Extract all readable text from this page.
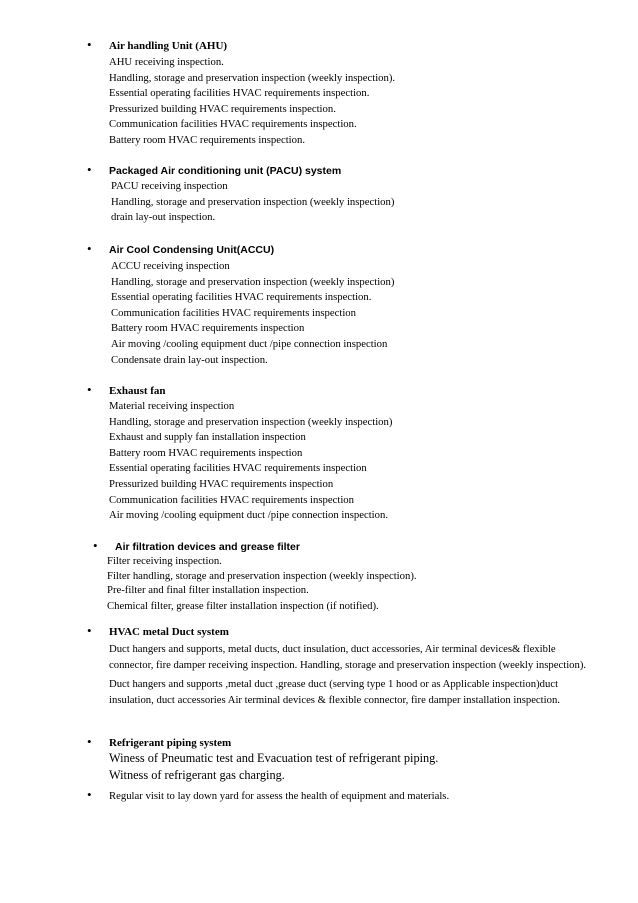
• Air handling Unit (AHU)
AHU receiving inspection.
Handling, storage and preservation inspection (weekly inspection).
Essential operating facilities HVAC requirements inspection.
Pressurized building HVAC requirements inspection.
Communication facilities HVAC requirements inspection.
Battery room HVAC requirements inspection.
• Packaged Air conditioning unit (PACU) system
PACU receiving inspection
Handling, storage and preservation inspection (weekly inspection)
drain lay-out inspection.
• Air Cool Condensing Unit(ACCU)
ACCU receiving inspection
Handling, storage and preservation inspection (weekly inspection)
Essential operating facilities HVAC requirements inspection.
Communication facilities HVAC requirements inspection
Battery room HVAC requirements inspection
Air moving /cooling equipment duct /pipe connection inspection
Condensate drain lay-out inspection.
• Exhaust fan
Material receiving inspection
Handling, storage and preservation inspection (weekly inspection)
Exhaust and supply fan installation inspection
Battery room HVAC requirements inspection
Essential operating facilities HVAC requirements inspection
Pressurized building HVAC requirements inspection
Communication facilities HVAC requirements inspection
Air moving /cooling equipment duct /pipe connection inspection.
• Air filtration devices and grease filter
Filter receiving inspection.
Filter handling, storage and preservation inspection (weekly inspection).
Pre-filter and final filter installation inspection.
Chemical filter, grease filter installation inspection (if notified).
• HVAC metal Duct system
Duct hangers and supports, metal ducts, duct insulation, duct accessories, Air terminal devices& flexible connector, fire damper receiving inspection. Handling, storage and preservation inspection (weekly inspection).
Duct hangers and supports ,metal duct ,grease duct (serving type 1 hood or as Applicable inspection)duct insulation, duct accessories Air terminal devices & flexible connector, fire damper installation inspection.
• Refrigerant piping system
Winess of Pneumatic test and Evacuation test of refrigerant piping.
Witness of refrigerant gas charging.
• Regular visit to lay down yard for assess the health of equipment and materials.
